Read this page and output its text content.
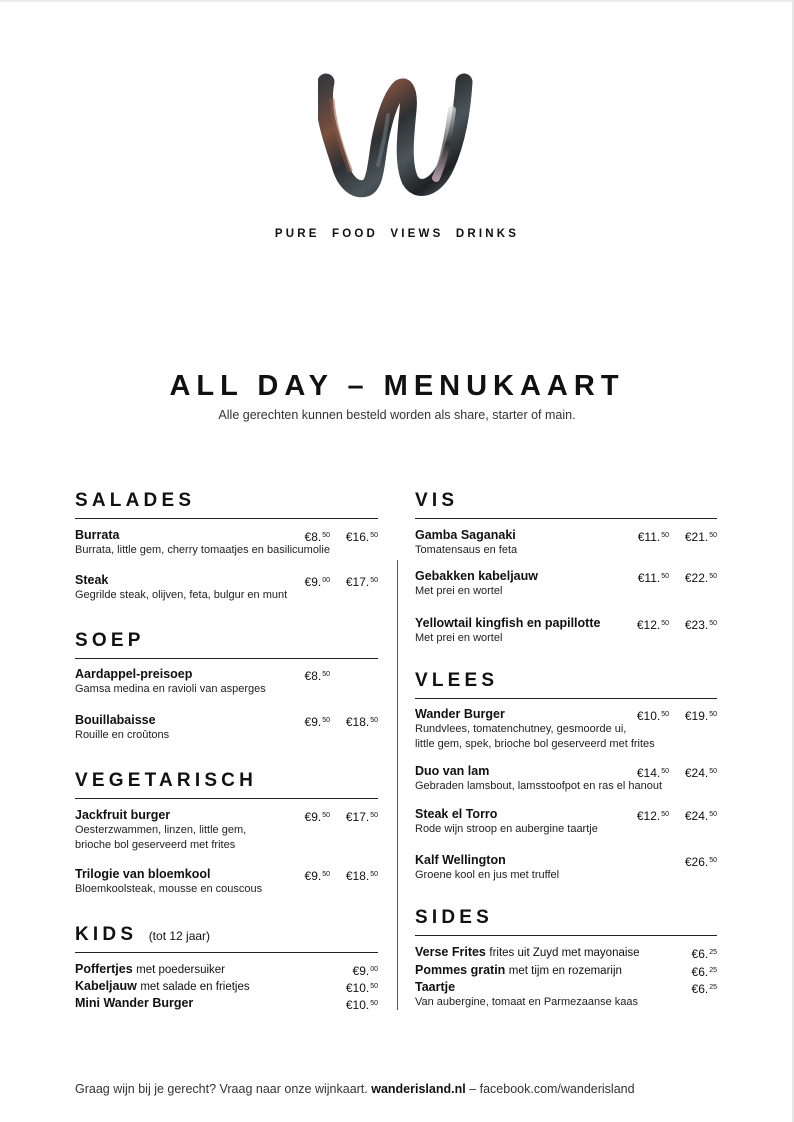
PURE FOOD VIEWS DRINKS
ALL DAY – MENUKAART
Alle gerechten kunnen besteld worden als share, starter of main.
SALADES
Burrata
Burrata, little gem, cherry tomaatjes en basilicumolie
€8.50 €16.50
Steak
Gegrilde steak, olijven, feta, bulgur en munt
€9.00 €17.50
SOEP
Aardappel-preisoep
Gamsa medina en ravioli van asperges
€8.50
Bouillabaisse
Rouille en croûtons
€9.50 €18.50
VEGETARISCH
Jackfruit burger
Oesterzwammen, linzen, little gem,
brioche bol geserveerd met frites
€9.50 €17.50
Trilogie van bloemkool
Bloemkoolsteak, mousse en couscous
€9.50 €18.50
KIDS (tot 12 jaar)
Poffertjes met poedersuiker	€9.00
Kabeljauw met salade en frietjes	€10.50
Mini Wander Burger	€10.50
VIS
Gamba Saganaki
Tomatensaus en feta
€11.50 €21.50
Gebakken kabeljauw
Met prei en wortel
€11.50 €22.50
Yellowtail kingfish en papillotte
Met prei en wortel
€12.50 €23.50
VLEES
Wander Burger
Rundvlees, tomatenchutney, gesmoorde ui,
little gem, spek, brioche bol geserveerd met frites
€10.50 €19.50
Duo van lam
Gebraden lamsbout, lamsstoofpot en ras el hanout
€14.50 €24.50
Steak el Torro
Rode wijn stroop en aubergine taartje
€12.50 €24.50
Kalf Wellington
Groene kool en jus met truffel
€26.50
SIDES
Verse Frites frites uit Zuyd met mayonaise	€6.25
Pommes gratin met tijm en rozemarijn	€6.25
Taartje
Van aubergine, tomaat en Parmezaanse kaas
€6.25
Graag wijn bij je gerecht? Vraag naar onze wijnkaart. wanderisland.nl – facebook.com/wanderisland
